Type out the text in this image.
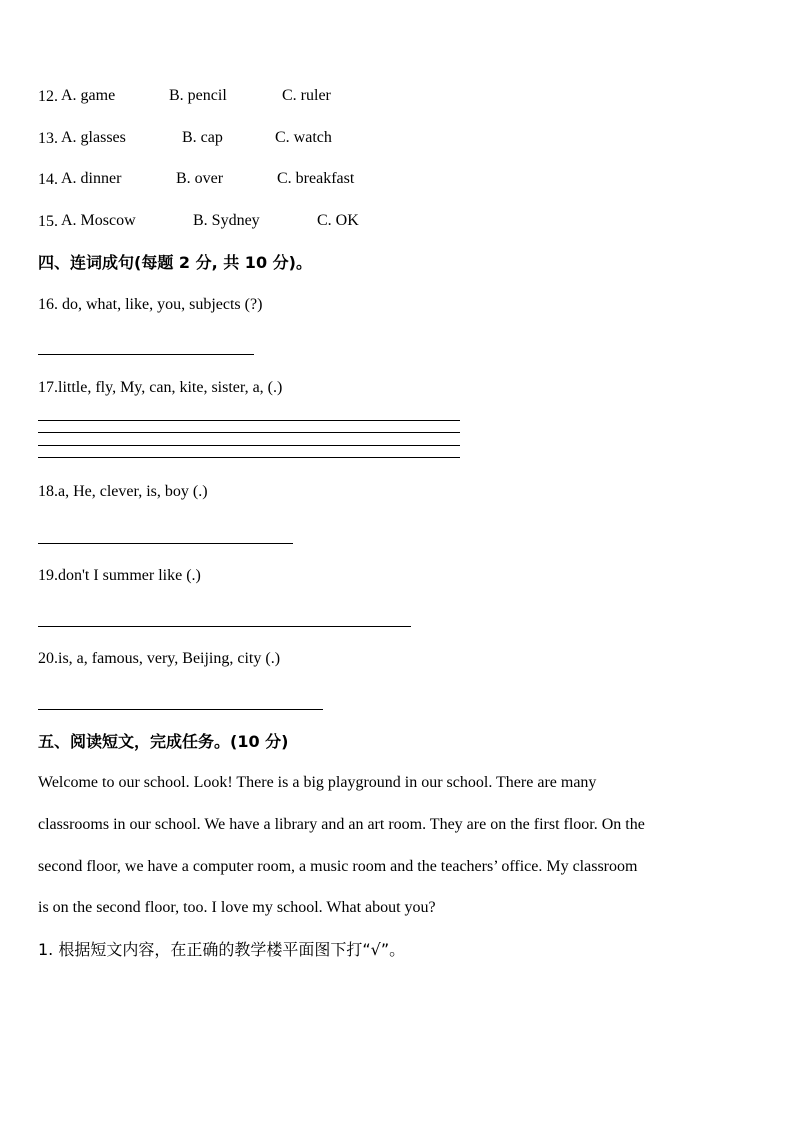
12. A. game	B. pencil	C. ruler
13. A. glasses	B. cap	C. watch
14. A. dinner	B. over	C. breakfast
15. A. Moscow	B. Sydney	C. OK
四、连词成句(每题 2 分, 共 10 分)。
16. do, what, like, you, subjects (?)
17.little, fly, My, can, kite, sister, a, (.)
18.a, He, clever, is, boy (.)
19.don't I summer like (.)
20.is, a, famous, very, Beijing, city (.)
五、阅读短文，完成任务。(10 分)
Welcome to our school. Look! There is a big playground in our school. There are many
classrooms in our school. We have a library and an art room. They are on the first floor. On the
second floor, we have a computer room, a music room and the teachers’ office. My classroom
is on the second floor, too. I love my school. What about you?
1. 根据短文内容，在正确的教学楼平面图下打“√”。
